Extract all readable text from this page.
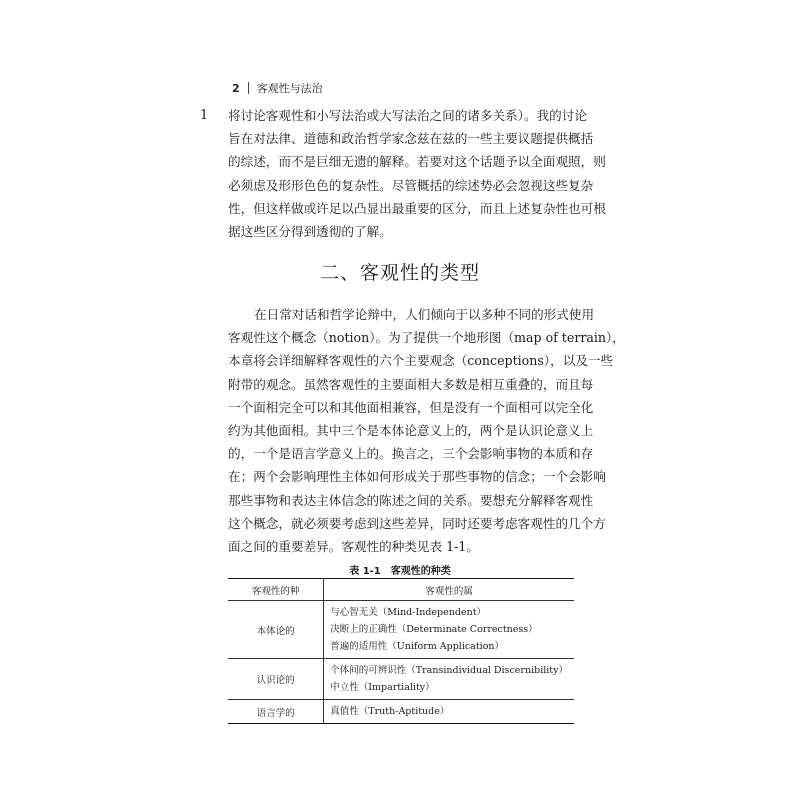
2 客观性与法治
1 将讨论客观性和小写法治或大写法治之间的诸多关系）。我的讨论
旨在对法律、道德和政治哲学家念兹在兹的一些主要议题提供概括
的综述，而不是巨细无遗的解释。若要对这个话题予以全面观照，则
必须虑及形形色色的复杂性。尽管概括的综述势必会忽视这些复杂
性，但这样做或许足以凸显出最重要的区分，而且上述复杂性也可根
据这些区分得到透彻的了解。
二、客观性的类型
在日常对话和哲学论辩中，人们倾向于以多种不同的形式使用
客观性这个概念（notion）。为了提供一个地形图（map of terrain），
本章将会详细解释客观性的六个主要观念（conceptions），以及一些
附带的观念。虽然客观性的主要面相大多数是相互重叠的，而且每
一个面相完全可以和其他面相兼容，但是没有一个面相可以完全化
约为其他面相。其中三个是本体论意义上的，两个是认识论意义上
的，一个是语言学意义上的。换言之，三个会影响事物的本质和存
在；两个会影响理性主体如何形成关于那些事物的信念；一个会影响
那些事物和表达主体信念的陈述之间的关系。要想充分解释客观性
这个概念，就必须要考虑到这些差异，同时还要考虑客观性的几个方
面之间的重要差异。客观性的种类见表 1-1。
表 1-1　客观性的种类
客观性的种	客观性的属
本体论的	与心智无关（Mind-Independent）
决断上的正确性（Determinate Correctness）
普遍的适用性（Uniform Application）

认识论的	个体间的可辨识性（Transindividual Discernibility）
中立性（Impartiality）

语言学的	真值性（Truth-Aptitude）
